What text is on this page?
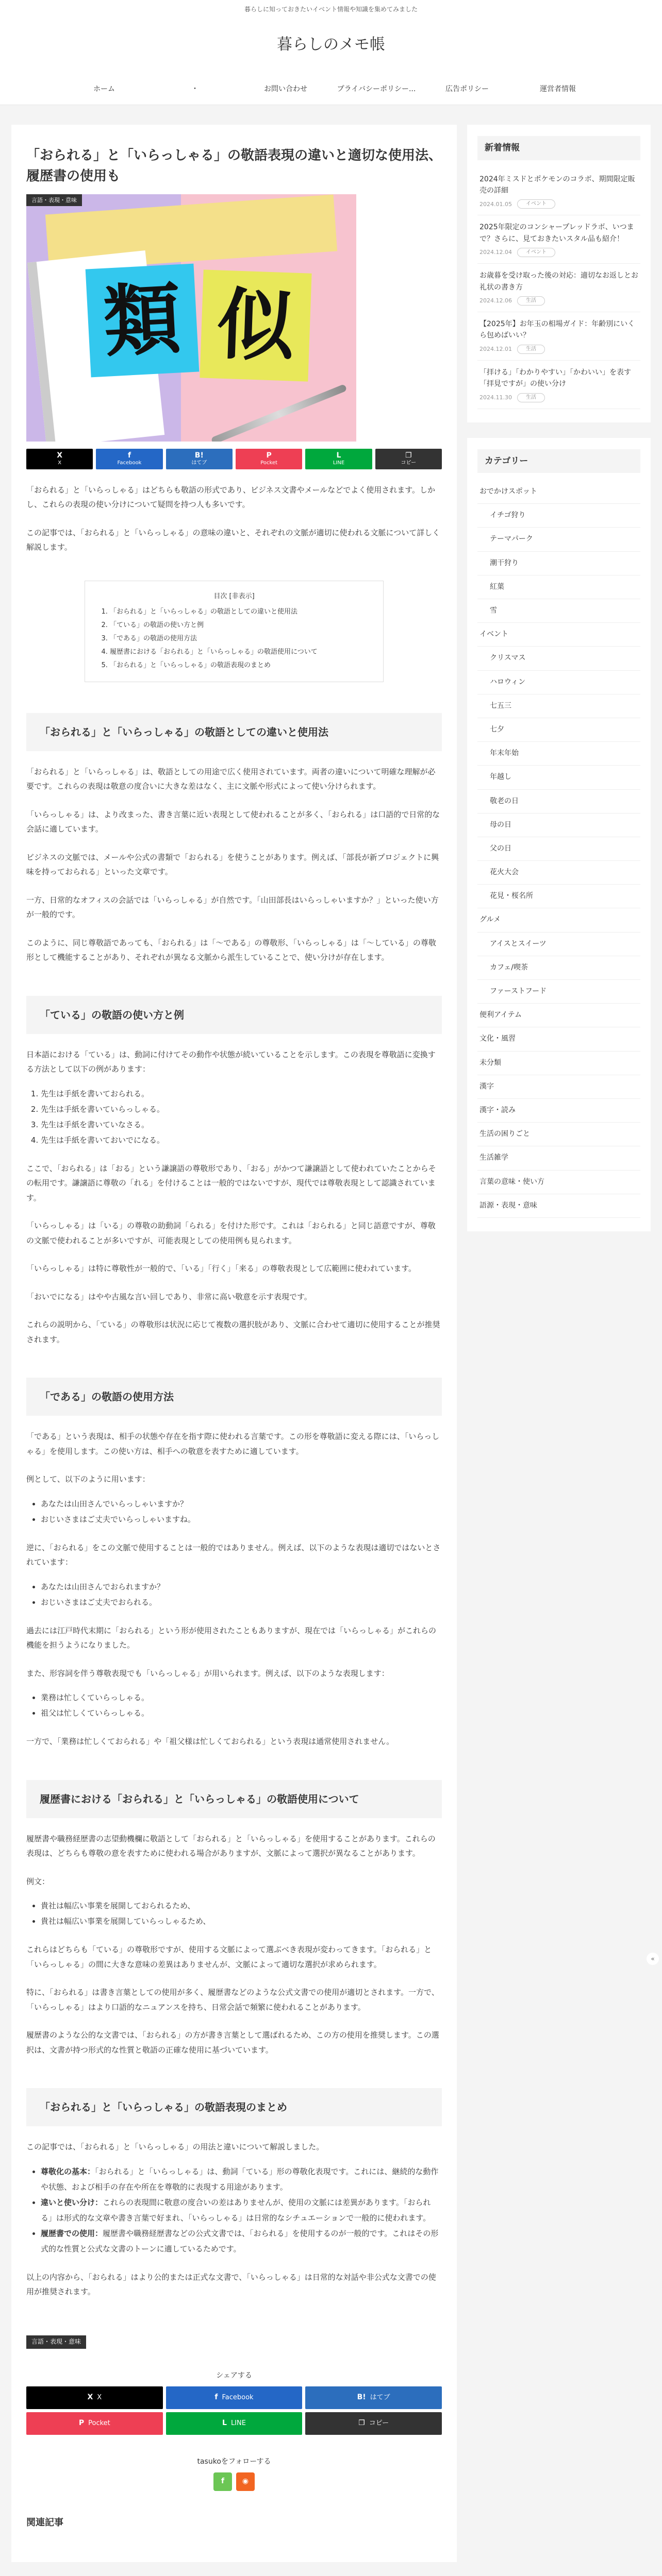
暮らしに知っておきたいイベント情報や知識を集めてみました
暮らしのメモ帳
ホーム	・	お問い合わせ	プライバシーポリシー...	広告ポリシー	運営者情報
「おられる」と「いらっしゃる」の敬語表現の違いと適切な使用法、履歴書の使用も
言語・表現・意味
類 似
X
X
f
Facebook
B!
はてブ
P
Pocket
L
LINE
❐
コピー

「おられる」と「いらっしゃる」はどちらも敬語の形式であり、ビジネス文書やメールなどでよく使用されます。しかし、これらの表現の使い分けについて疑問を持つ人も多いです。

この記事では、「おられる」と「いらっしゃる」の意味の違いと、それぞれの文脈が適切に使われる文脈について詳しく解説します。

目次 [非表示]
1. 「おられる」と「いらっしゃる」の敬語としての違いと使用法
2. 「ている」の敬語の使い方と例
3. 「である」の敬語の使用方法
4. 履歴書における「おられる」と「いらっしゃる」の敬語使用について
5. 「おられる」と「いらっしゃる」の敬語表現のまとめ
「おられる」と「いらっしゃる」の敬語としての違いと使用法

「おられる」と「いらっしゃる」は、敬語としての用途で広く使用されています。両者の違いについて明確な理解が必要です。これらの表現は敬意の度合いに大きな差はなく、主に文脈や形式によって使い分けられます。

「いらっしゃる」は、より改まった、書き言葉に近い表現として使われることが多く、「おられる」は口語的で日常的な会話に適しています。

ビジネスの文脈では、メールや公式の書類で「おられる」を使うことがあります。例えば、「部長が新プロジェクトに興味を持っておられる」といった文章です。

一方、日常的なオフィスの会話では「いらっしゃる」が自然です。「山田部長はいらっしゃいますか？」といった使い方が一般的です。

このように、同じ尊敬語であっても、「おられる」は「～である」の尊敬形、「いらっしゃる」は「～している」の尊敬形として機能することがあり、それぞれが異なる文脈から派生していることで、使い分けが存在します。

「ている」の敬語の使い方と例

日本語における「ている」は、動詞に付けてその動作や状態が続いていることを示します。この表現を尊敬語に変換する方法として以下の例があります：

1. 先生は手紙を書いておられる。
2. 先生は手紙を書いていらっしゃる。
3. 先生は手紙を書いていなさる。
4. 先生は手紙を書いておいでになる。

ここで、「おられる」は「おる」という謙譲語の尊敬形であり、「おる」がかつて謙譲語として使われていたことからその転用です。謙譲語に尊敬の「れる」を付けることは一般的ではないですが、現代では尊敬表現として認識されています。

「いらっしゃる」は「いる」の尊敬の助動詞「られる」を付けた形です。これは「おられる」と同じ語意ですが、尊敬の文脈で使われることが多いですが、可能表現としての使用例も見られます。

「いらっしゃる」は特に尊敬性が一般的で、「いる」「行く」「来る」の尊敬表現として広範囲に使われています。

「おいでになる」はやや古風な言い回しであり、非常に高い敬意を示す表現です。

これらの説明から、「ている」の尊敬形は状況に応じて複数の選択肢があり、文脈に合わせて適切に使用することが推奨されます。

「である」の敬語の使用方法

「である」という表現は、相手の状態や存在を指す際に使われる言葉です。この形を尊敬語に変える際には、「いらっしゃる」を使用します。この使い方は、相手への敬意を表すために適しています。

例として、以下のように用います：

• あなたは山田さんでいらっしゃいますか？
• おじいさまはご丈夫でいらっしゃいますね。

逆に、「おられる」をこの文脈で使用することは一般的ではありません。例えば、以下のような表現は適切ではないとされています：

• あなたは山田さんでおられますか？
• おじいさまはご丈夫でおられる。

過去には江戸時代末期に「おられる」という形が使用されたこともありますが、現在では「いらっしゃる」がこれらの機能を担うようになりました。

また、形容詞を伴う尊敬表現でも「いらっしゃる」が用いられます。例えば、以下のような表現します：

• 業務は忙しくていらっしゃる。
• 祖父は忙しくていらっしゃる。

一方で、「業務は忙しくておられる」や「祖父様は忙しくておられる」という表現は通常使用されません。

履歴書における「おられる」と「いらっしゃる」の敬語使用について

履歴書や職務経歴書の志望動機欄に敬語として「おられる」と「いらっしゃる」を使用することがあります。これらの表現は、どちらも尊敬の意を表すために使われる場合がありますが、文脈によって選択が異なることがあります。

例文：

• 貴社は幅広い事業を展開しておられるため、
• 貴社は幅広い事業を展開していらっしゃるため、

これらはどちらも「ている」の尊敬形ですが、使用する文脈によって選ぶべき表現が変わってきます。「おられる」と「いらっしゃる」の間に大きな意味の差異はありませんが、文脈によって適切な選択が求められます。

特に、「おられる」は書き言葉としての使用が多く、履歴書などのような公式文書での使用が適切とされます。一方で、「いらっしゃる」はより口語的なニュアンスを持ち、日常会話で頻繁に使われることがあります。

履歴書のような公的な文書では、「おられる」の方が書き言葉として選ばれるため、この方の使用を推奨します。この選択は、文書が持つ形式的な性質と敬語の正確な使用に基づいています。

「おられる」と「いらっしゃる」の敬語表現のまとめ

この記事では、「おられる」と「いらっしゃる」の用法と違いについて解説しました。

• 尊敬化の基本：「おられる」と「いらっしゃる」は、動詞「ている」形の尊敬化表現です。これには、継続的な動作や状態、および相手の存在や所在を尊敬的に表現する用途があります。
• 違いと使い分け：これらの表現間に敬意の度合いの差はありませんが、使用の文脈には差異があります。「おられる」は形式的な文章や書き言葉で好まれ、「いらっしゃる」は日常的なシチュエーションで一般的に使われます。
• 履歴書での使用：履歴書や職務経歴書などの公式文書では、「おられる」を使用するのが一般的です。これはその形式的な性質と公式な文書のトーンに適しているためです。

以上の内容から、「おられる」はより公的または正式な文書で、「いらっしゃる」は日常的な対話や非公式な文書での使用が推奨されます。

言語・表現・意味
シェアする
X X	f Facebook	B! はてブ
P Pocket	L LINE	❐ コピー
tasukoをフォローする
f	◉
関連記事
新着情報
2024年ミスドとポケモンのコラボ、期間限定販売の詳細
2024.01.05	イベント
2025年限定のコンシャープレッドラボ、いつまで？さらに、見ておきたいスタル品も紹介！
2024.12.04	イベント
お歳暮を受け取った後の対応：適切なお返しとお礼状の書き方
2024.12.06	生活
【2025年】お年玉の相場ガイド：年齢別にいくら包めばいい？
2024.12.01	生活
「拝ける」「わかりやすい」「かわいい」を表す「拝見ですが」の使い分け
2024.11.30	生活
カテゴリー
おでかけスポット
イチゴ狩り
テーマパーク
潮干狩り
紅葉
雪
イベント
クリスマス
ハロウィン
七五三
七夕
年末年始
年越し
敬老の日
母の日
父の日
花火大会
花見・桜名所
グルメ
アイスとスイーツ
カフェ/喫茶
ファーストフード
便利アイテム
文化・風習
未分類
漢字
漢字・読み
生活の困りごと
生活雑学
言葉の意味・使い方
語源・表現・意味
«
